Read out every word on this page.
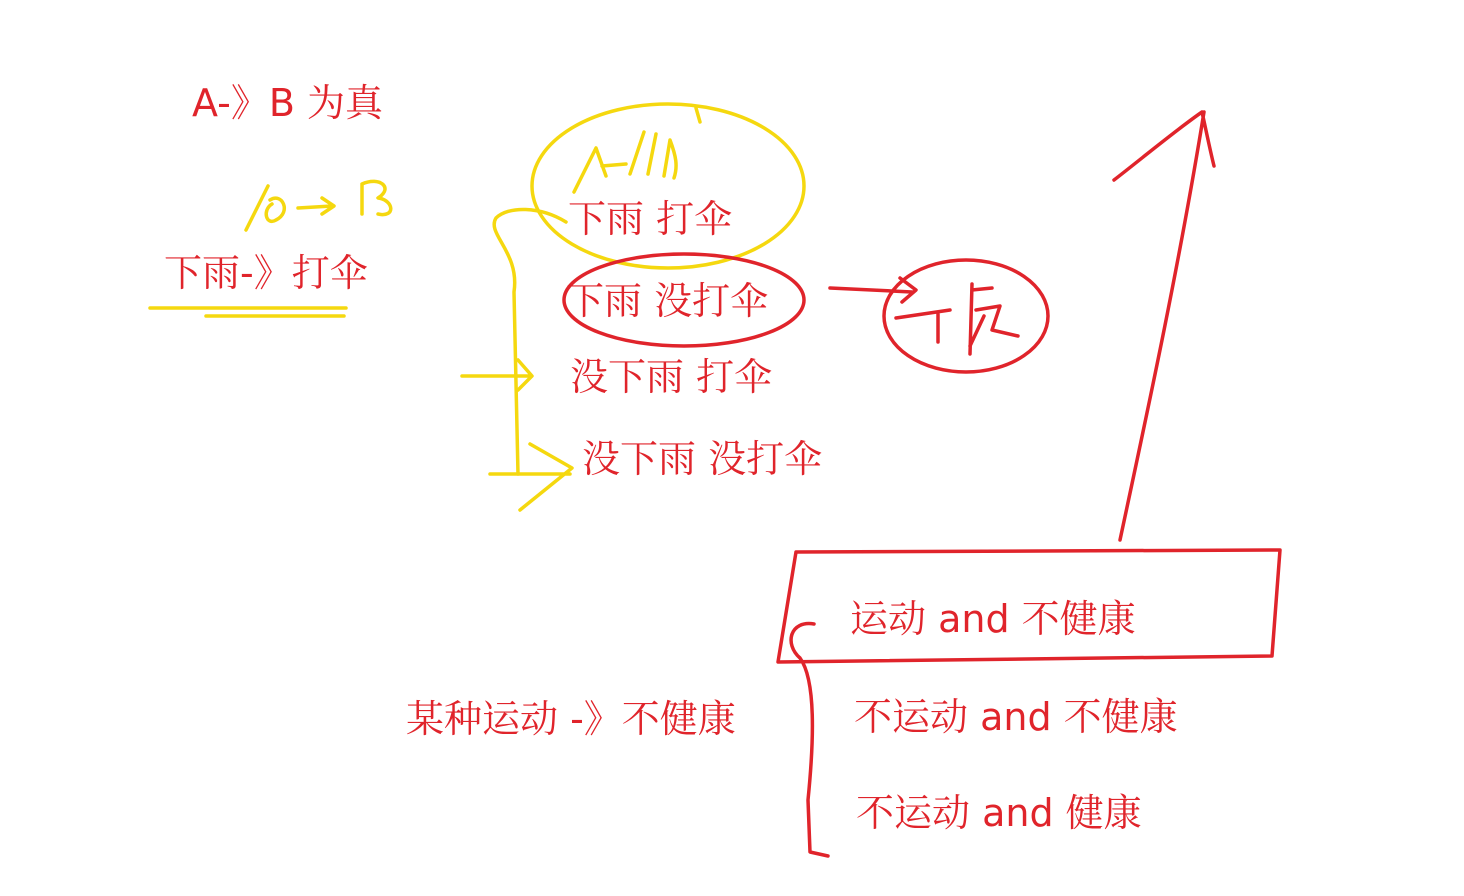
A-》B 为真
下雨-》打伞
下雨 打伞
下雨 没打伞
没下雨 打伞
没下雨 没打伞
某种运动 -》不健康
运动 and 不健康
不运动 and 不健康
不运动 and 健康
